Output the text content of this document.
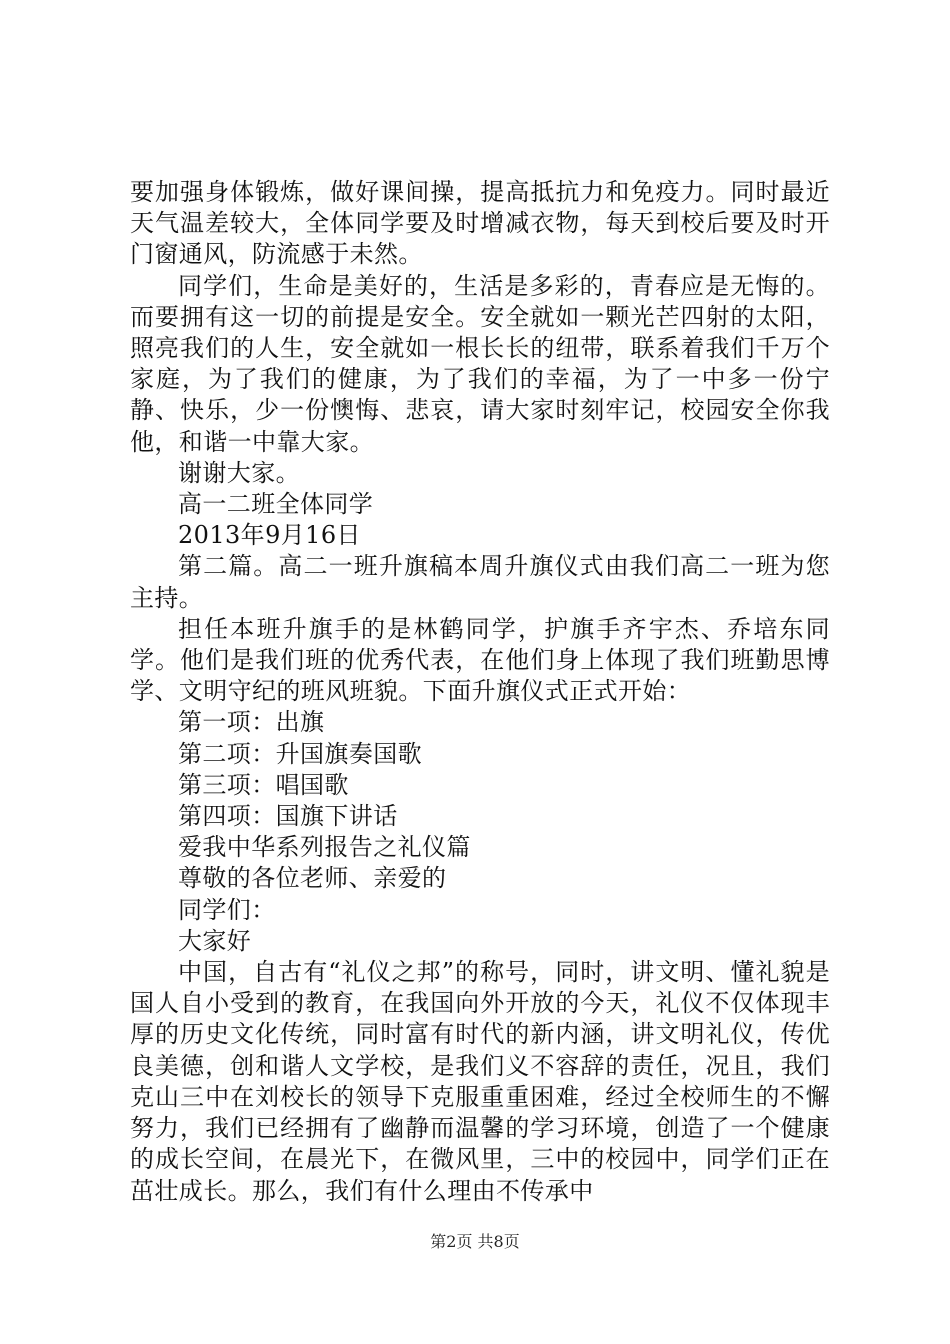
要加强身体锻炼，做好课间操，提高抵抗力和免疫力。同时最近天气温差较大，全体同学要及时增减衣物，每天到校后要及时开门窗通风，防流感于未然。

同学们，生命是美好的，生活是多彩的，青春应是无悔的。而要拥有这一切的前提是安全。安全就如一颗光芒四射的太阳，照亮我们的人生，安全就如一根长长的纽带，联系着我们千万个家庭，为了我们的健康，为了我们的幸福，为了一中多一份宁静、快乐，少一份懊悔、悲哀，请大家时刻牢记，校园安全你我他，和谐一中靠大家。

谢谢大家。

高一二班全体同学

2013年9月16日

第二篇。高二一班升旗稿本周升旗仪式由我们高二一班为您主持。

担任本班升旗手的是林鹤同学，护旗手齐宇杰、乔培东同学。他们是我们班的优秀代表，在他们身上体现了我们班勤思博学、文明守纪的班风班貌。下面升旗仪式正式开始：

第一项：出旗

第二项：升国旗奏国歌

第三项：唱国歌

第四项：国旗下讲话

爱我中华系列报告之礼仪篇

尊敬的各位老师、亲爱的

同学们：

大家好

中国，自古有“礼仪之邦”的称号，同时，讲文明、懂礼貌是国人自小受到的教育，在我国向外开放的今天，礼仪不仅体现丰厚的历史文化传统，同时富有时代的新内涵，讲文明礼仪，传优良美德，创和谐人文学校，是我们义不容辞的责任，况且，我们克山三中在刘校长的领导下克服重重困难，经过全校师生的不懈努力，我们已经拥有了幽静而温馨的学习环境，创造了一个健康的成长空间，在晨光下，在微风里，三中的校园中，同学们正在茁壮成长。那么，我们有什么理由不传承中

第2页 共8页
